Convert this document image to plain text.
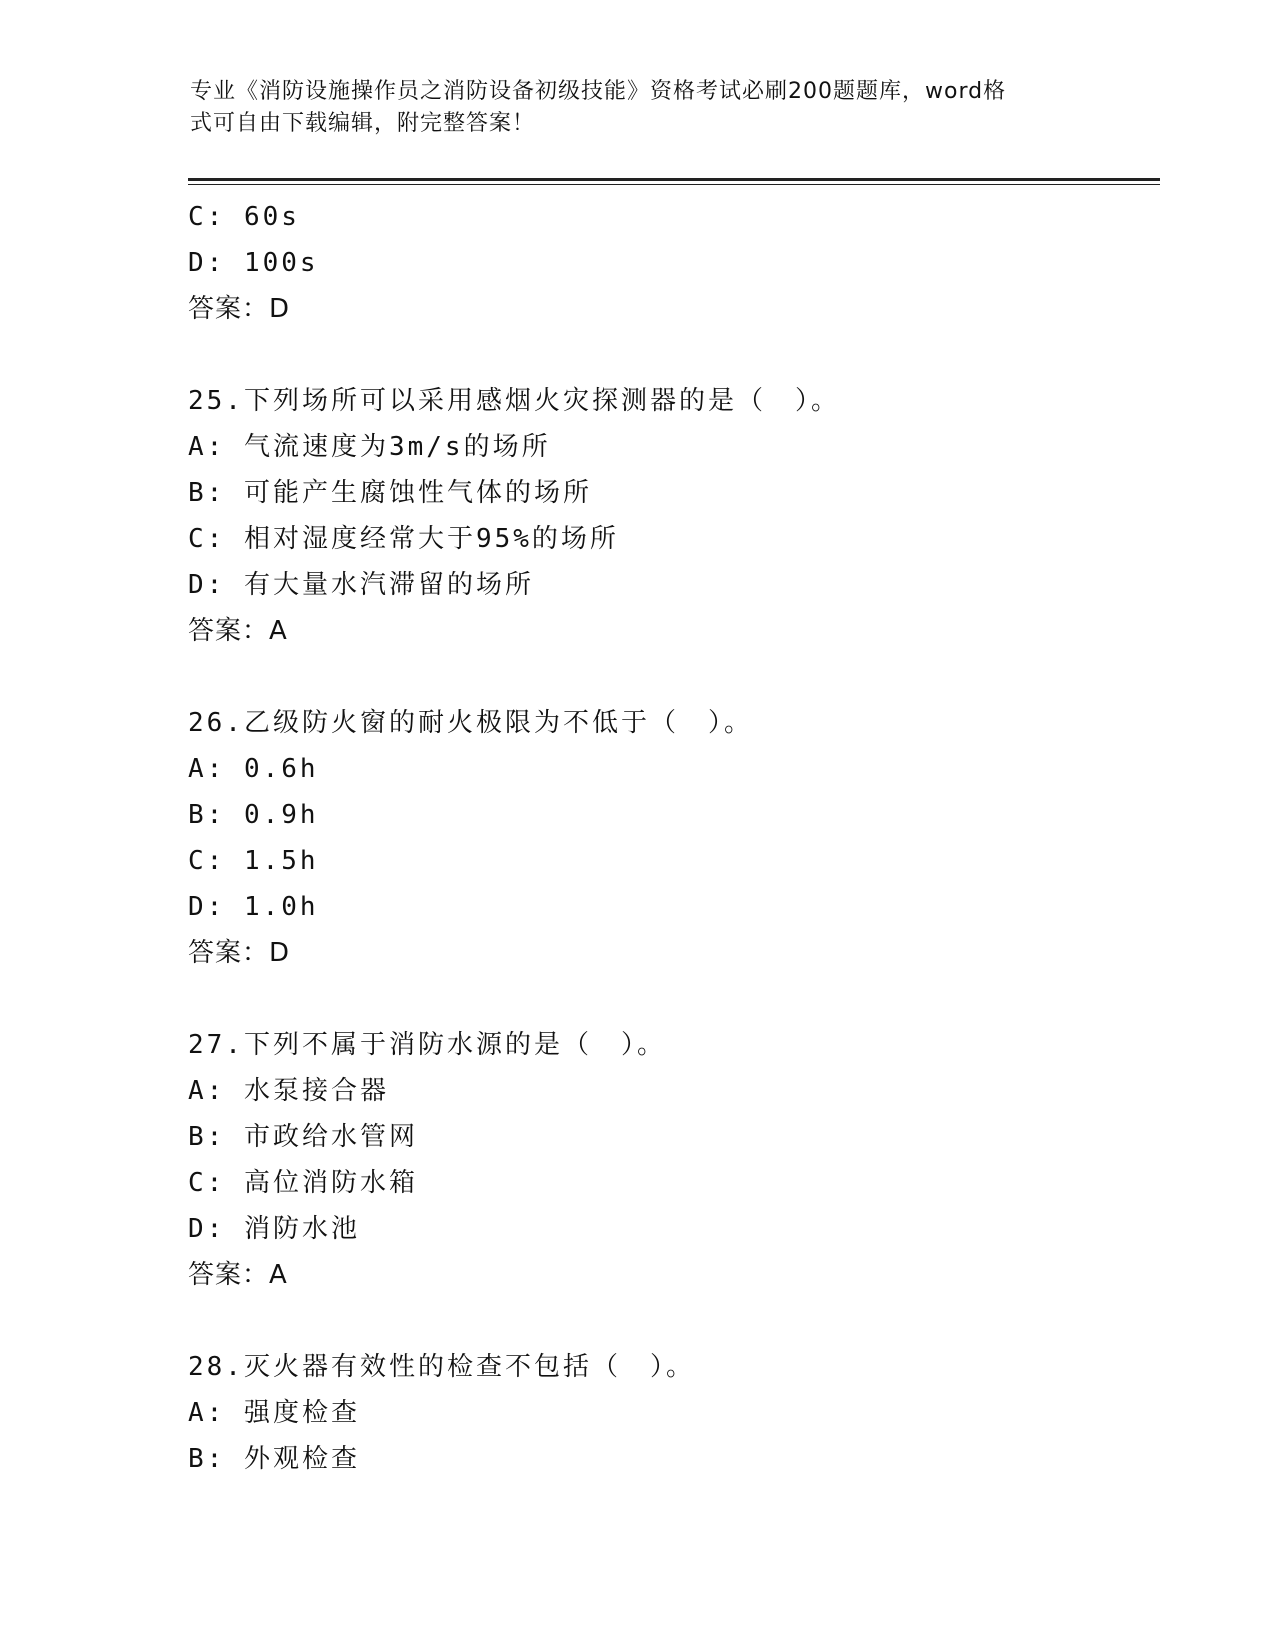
专业《消防设施操作员之消防设备初级技能》资格考试必刷200题题库，word格
式可自由下载编辑，附完整答案！
C: 60s
D: 100s
答案：D
25.下列场所可以采用感烟火灾探测器的是（　）。
A: 气流速度为3m/s的场所
B: 可能产生腐蚀性气体的场所
C: 相对湿度经常大于95%的场所
D: 有大量水汽滞留的场所
答案：A
26.乙级防火窗的耐火极限为不低于（　）。
A: 0.6h
B: 0.9h
C: 1.5h
D: 1.0h
答案：D
27.下列不属于消防水源的是（　）。
A: 水泵接合器
B: 市政给水管网
C: 高位消防水箱
D: 消防水池
答案：A
28.灭火器有效性的检查不包括（　）。
A: 强度检查
B: 外观检查
